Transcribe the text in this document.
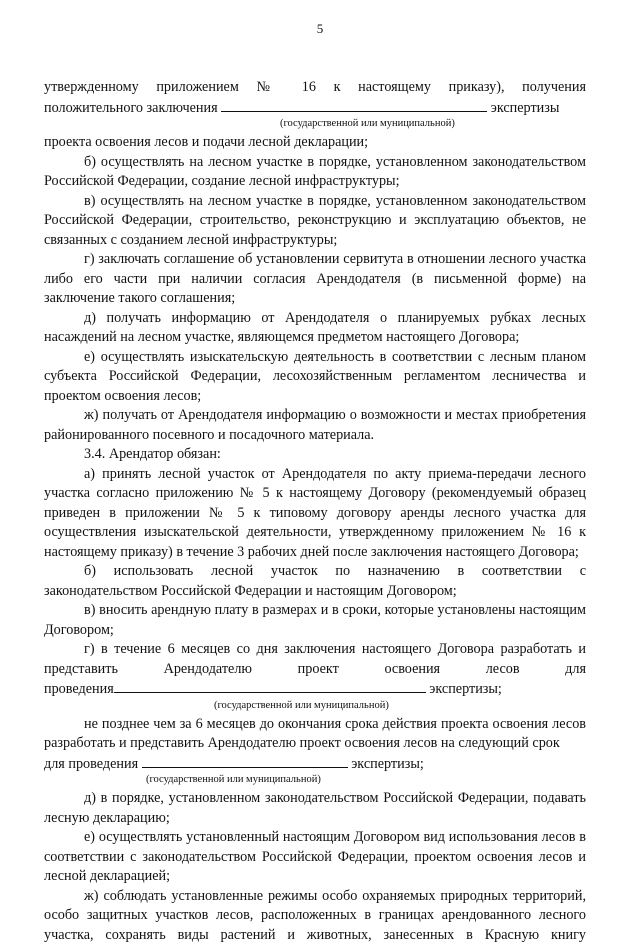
5

утвержденному приложением № 16 к настоящему приказу), получения

положительного заключения	экспертизы

(государственной или муниципальной)

проекта освоения лесов и подачи лесной декларации;

б) осуществлять на лесном участке в порядке, установленном законодательством Российской Федерации, создание лесной инфраструктуры;

в) осуществлять на лесном участке в порядке, установленном законодательством Российской Федерации, строительство, реконструкцию и эксплуатацию объектов, не связанных с созданием лесной инфраструктуры;

г) заключать соглашение об установлении сервитута в отношении лесного участка либо его части при наличии согласия Арендодателя (в письменной форме) на заключение такого соглашения;

д) получать информацию от Арендодателя о планируемых рубках лесных насаждений на лесном участке, являющемся предметом настоящего Договора;

е) осуществлять изыскательскую деятельность в соответствии с лесным планом субъекта Российской Федерации, лесохозяйственным регламентом лесничества и проектом освоения лесов;

ж) получать от Арендодателя информацию о возможности и местах приобретения районированного посевного и посадочного материала.

3.4. Арендатор обязан:

а) принять лесной участок от Арендодателя по акту приема-передачи лесного участка согласно приложению № 5 к настоящему Договору (рекомендуемый образец приведен в приложении № 5 к типовому договору аренды лесного участка для осуществления изыскательской деятельности, утвержденному приложением № 16 к настоящему приказу) в течение 3 рабочих дней после заключения настоящего Договора;

б) использовать лесной участок по назначению в соответствии с

законодательством Российской Федерации и настоящим Договором;

в) вносить арендную плату в размерах и в сроки, которые установлены настоящим Договором;

г) в течение 6 месяцев со дня заключения настоящего Договора разработать и

представить Арендодателю проект освоения лесов для

проведения	экспертизы;

(государственной или муниципальной)

не позднее чем за 6 месяцев до окончания срока действия проекта освоения лесов разработать и представить Арендодателю проект освоения лесов на следующий срок

для проведения	экспертизы;

(государственной или муниципальной)

д) в порядке, установленном законодательством Российской Федерации, подавать лесную декларацию;

е) осуществлять установленный настоящим Договором вид использования лесов в соответствии с законодательством Российской Федерации, проектом освоения лесов и лесной декларацией;

ж) соблюдать установленные режимы особо охраняемых природных территорий, особо защитных участков лесов, расположенных в границах арендованного лесного участка, сохранять виды растений и животных, занесенных в Красную книгу
